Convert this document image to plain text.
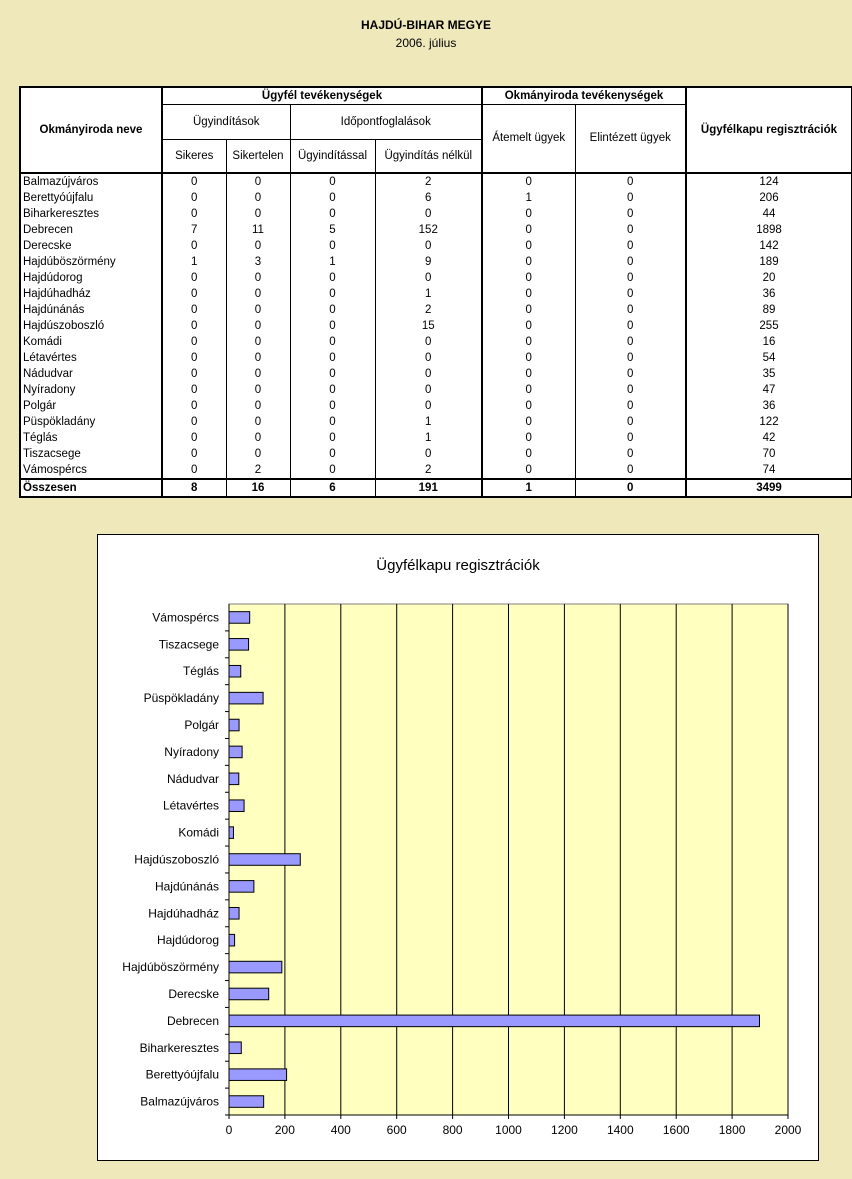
HAJDÚ-BIHAR MEGYE
2006. július
Okmányiroda neve	Ügyfél tevékenységek				Okmányiroda tevékenységek		Ügyfélkapu regisztrációk
	Ügyindítások		Időpontfoglalások		Átemelt ügyek	Elintézett ügyek	
	Sikeres	Sikertelen	Ügyindítással	Ügyindítás nélkül			
Balmazújváros	0	0	0	2	0	0	124
Berettyóújfalu	0	0	0	6	1	0	206
Biharkeresztes	0	0	0	0	0	0	44
Debrecen	7	11	5	152	0	0	1898
Derecske	0	0	0	0	0	0	142
Hajdúböszörmény	1	3	1	9	0	0	189
Hajdúdorog	0	0	0	0	0	0	20
Hajdúhadház	0	0	0	1	0	0	36
Hajdúnánás	0	0	0	2	0	0	89
Hajdúszoboszló	0	0	0	15	0	0	255
Komádi	0	0	0	0	0	0	16
Létavértes	0	0	0	0	0	0	54
Nádudvar	0	0	0	0	0	0	35
Nyíradony	0	0	0	0	0	0	47
Polgár	0	0	0	0	0	0	36
Püspökladány	0	0	0	1	0	0	122
Téglás	0	0	0	1	0	0	42
Tiszacsege	0	0	0	0	0	0	70
Vámospércs	0	2	0	2	0	0	74
Összesen	8	16	6	191	1	0	3499
Ügyfélkapu regisztrációk
0	200	400	600	800	1000 1200 1400 1600 1800 2000
Balmazújváros
Berettyóújfalu
Biharkeresztes
Debrecen
Derecske
Hajdúböszörmény
Hajdúdorog
Hajdúhadház
Hajdúnánás
Hajdúszoboszló
Komádi
Létavértes
Nádudvar
Nyíradony
Polgár
Püspökladány
Téglás
Tiszacsege
Vámospércs
